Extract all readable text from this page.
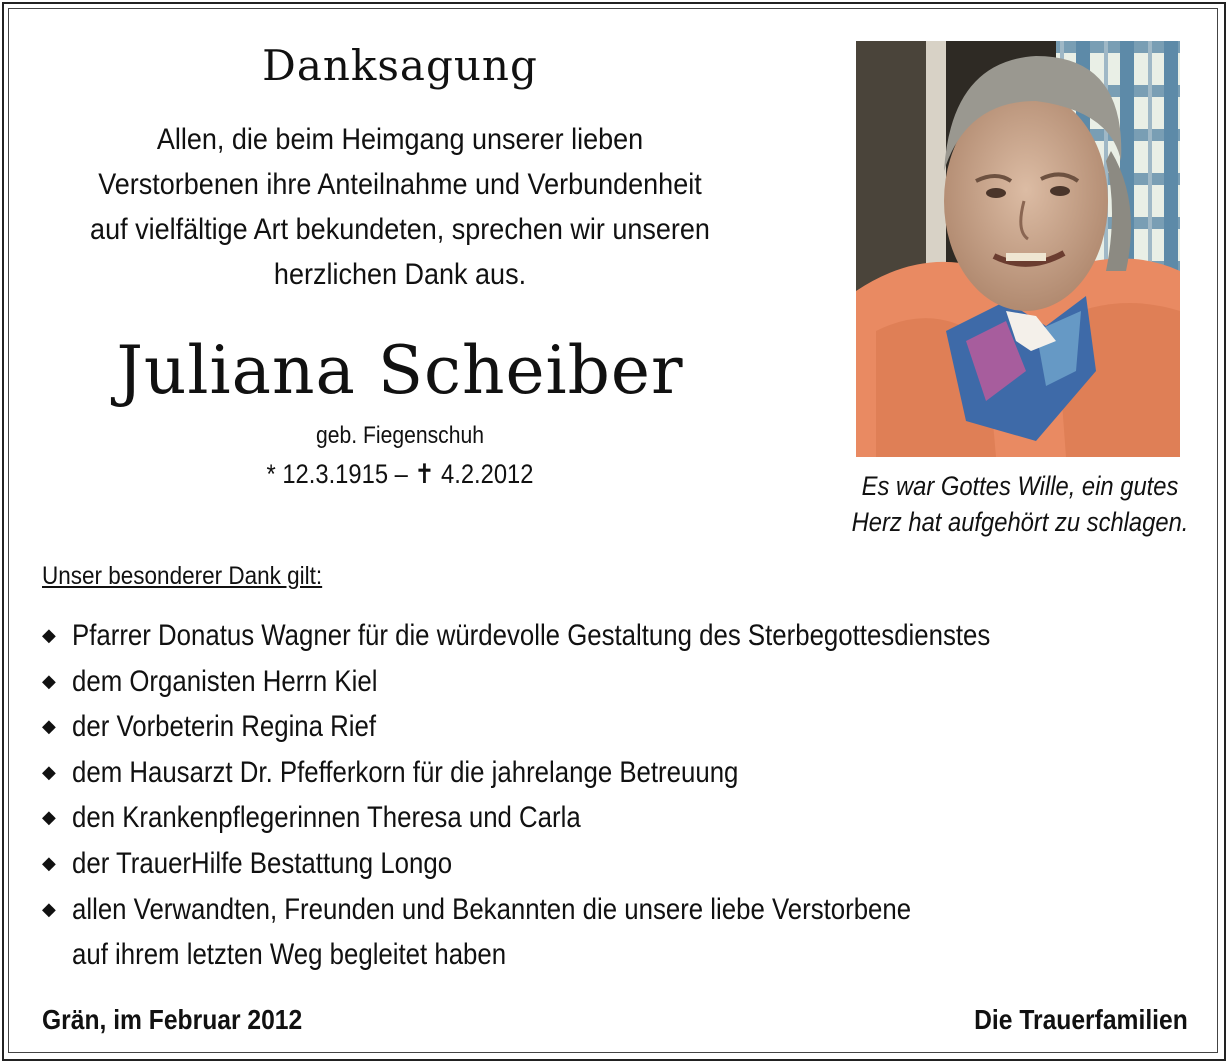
Danksagung
Allen, die beim Heimgang unserer lieben
Verstorbenen ihre Anteilnahme und Verbundenheit
auf vielfältige Art bekundeten, sprechen wir unseren
herzlichen Dank aus.
Juliana Scheiber
geb. Fiegenschuh
* 12.3.1915 – ✝ 4.2.2012	Es war Gottes Wille, ein gutes
Herz hat aufgehört zu schlagen.
Unser besonderer Dank gilt:
◆ Pfarrer Donatus Wagner für die würdevolle Gestaltung des Sterbegottesdienstes
◆ dem Organisten Herrn Kiel
◆ der Vorbeterin Regina Rief
◆ dem Hausarzt Dr. Pfefferkorn für die jahrelange Betreuung
◆ den Krankenpflegerinnen Theresa und Carla
◆ der TrauerHilfe Bestattung Longo
◆ allen Verwandten, Freunden und Bekannten die unsere liebe Verstorbene
auf ihrem letzten Weg begleitet haben
Grän, im Februar 2012	Die Trauerfamilien
